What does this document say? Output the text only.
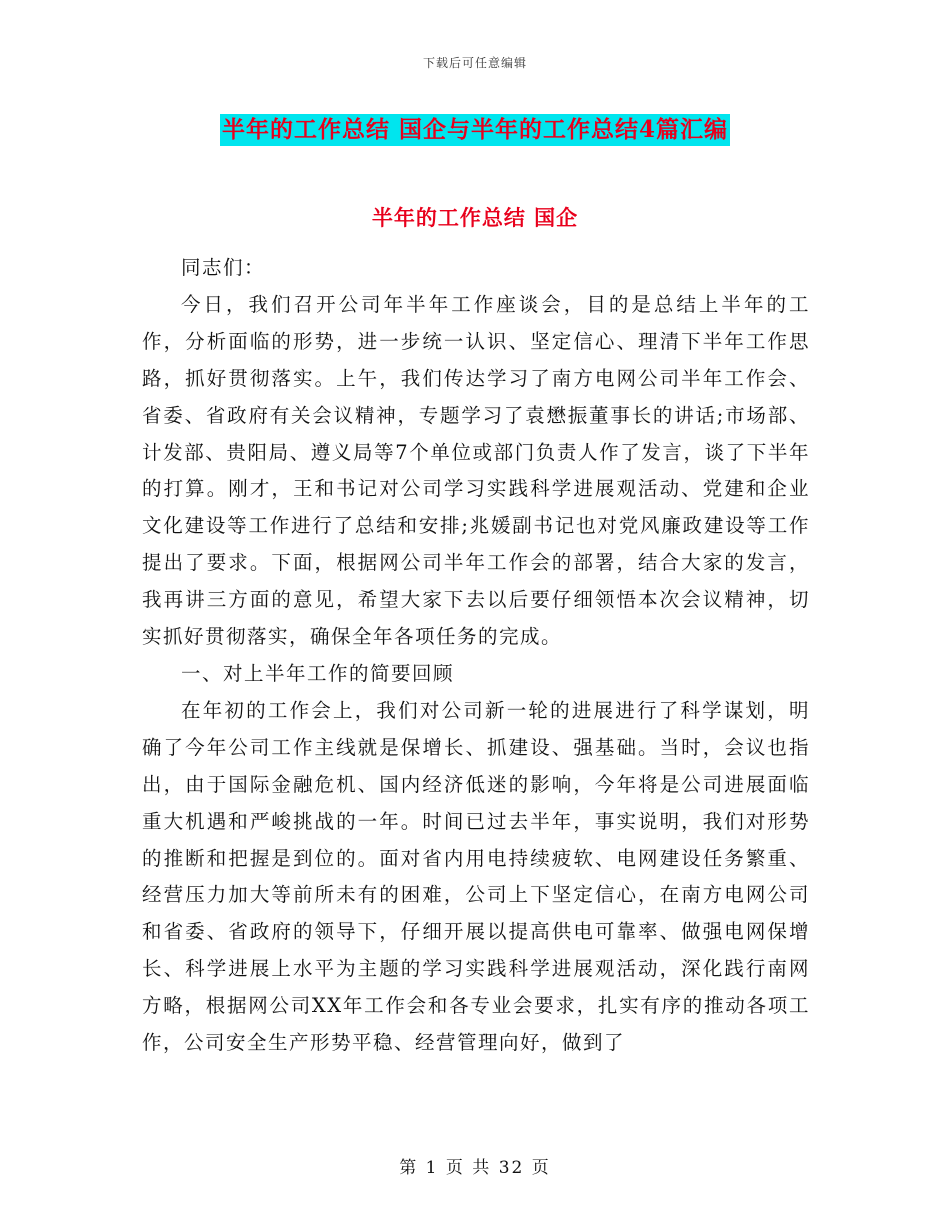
下载后可任意编辑
半年的工作总结 国企与半年的工作总结4篇汇编
半年的工作总结 国企

同志们：

今日，我们召开公司年半年工作座谈会，目的是总结上半年的工作，分析面临的形势，进一步统一认识、坚定信心、理清下半年工作思路，抓好贯彻落实。上午，我们传达学习了南方电网公司半年工作会、省委、省政府有关会议精神，专题学习了袁懋振董事长的讲话;市场部、计发部、贵阳局、遵义局等7个单位或部门负责人作了发言，谈了下半年的打算。刚才，王和书记对公司学习实践科学进展观活动、党建和企业文化建设等工作进行了总结和安排;兆媛副书记也对党风廉政建设等工作提出了要求。下面，根据网公司半年工作会的部署，结合大家的发言，我再讲三方面的意见，希望大家下去以后要仔细领悟本次会议精神，切实抓好贯彻落实，确保全年各项任务的完成。

一、对上半年工作的简要回顾

在年初的工作会上，我们对公司新一轮的进展进行了科学谋划，明确了今年公司工作主线就是保增长、抓建设、强基础。当时，会议也指出，由于国际金融危机、国内经济低迷的影响，今年将是公司进展面临重大机遇和严峻挑战的一年。时间已过去半年，事实说明，我们对形势的推断和把握是到位的。面对省内用电持续疲软、电网建设任务繁重、经营压力加大等前所未有的困难，公司上下坚定信心，在南方电网公司和省委、省政府的领导下，仔细开展以提高供电可靠率、做强电网保增长、科学进展上水平为主题的学习实践科学进展观活动，深化践行南网方略，根据网公司XX年工作会和各专业会要求，扎实有序的推动各项工作，公司安全生产形势平稳、经营管理向好，做到了

第 1 页 共 32 页
